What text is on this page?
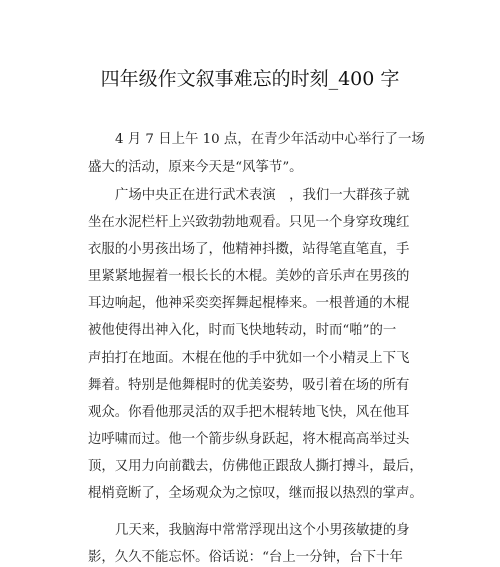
四年级作文叙事难忘的时刻_400 字
4 月 7 日上午 10 点，在青少年活动中心举行了一场
盛大的活动，原来今天是“风筝节”。
广场中央正在进行武术表演　，我们一大群孩子就
坐在水泥栏杆上兴致勃勃地观看。只见一个身穿玫瑰红
衣服的小男孩出场了，他精神抖擞，站得笔直笔直，手
里紧紧地握着一根长长的木棍。美妙的音乐声在男孩的
耳边响起，他神采奕奕挥舞起棍棒来。一根普通的木棍
被他使得出神入化，时而飞快地转动，时而“啪”的一
声拍打在地面。木棍在他的手中犹如一个小精灵上下飞
舞着。特别是他舞棍时的优美姿势，吸引着在场的所有
观众。你看他那灵活的双手把木棍转地飞快，风在他耳
边呼啸而过。他一个箭步纵身跃起，将木棍高高举过头
顶，又用力向前戳去，仿佛他正跟敌人撕打搏斗，最后，
棍梢竟断了，全场观众为之惊叹，继而报以热烈的掌声。
几天来，我脑海中常常浮现出这个小男孩敏捷的身
影，久久不能忘怀。俗话说：“台上一分钟，台下十年
